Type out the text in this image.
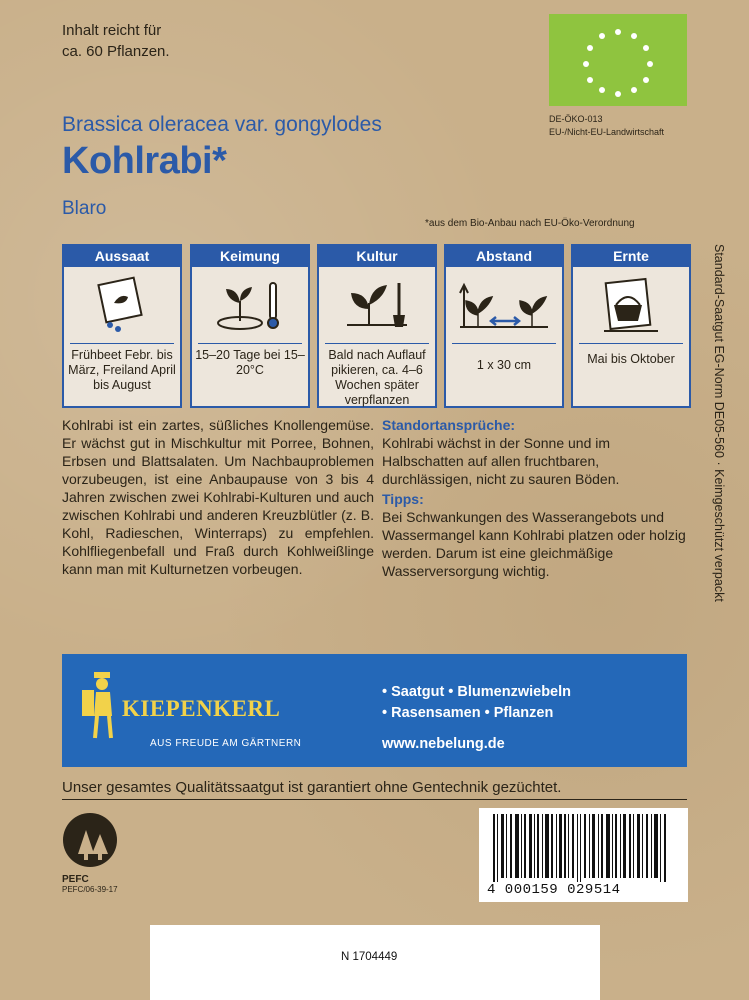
Inhalt reicht für
ca. 60 Pflanzen.
DE-ÖKO-013
EU-/Nicht-EU-Landwirtschaft
Brassica oleracea var. gongylodes
Kohlrabi*
Blaro
*aus dem Bio-Anbau nach EU-Öko-Verordnung
Aussaat
Frühbeet Febr. bis März, Freiland April bis August
Keimung
15–20 Tage bei 15–20°C
Kultur
Bald nach Auflauf pikieren, ca. 4–6 Wochen später verpflanzen
Abstand
1 x 30 cm
Ernte
Mai bis Oktober	Standard-Saatgut EG-Norm DE05-560 · Keimgeschützt verpackt
Kohlrabi ist ein zartes, süßliches Knollengemüse. Er wächst gut in Mischkultur mit Porree, Bohnen, Erbsen und Blattsalaten. Um Nachbauproblemen vorzubeugen, ist eine Anbaupause von 3 bis 4 Jahren zwischen zwei Kohlrabi-Kulturen und auch zwischen Kohlrabi und anderen Kreuzblütler (z. B. Kohl, Radieschen, Winterraps) zu empfehlen. Kohlfliegenbefall und Fraß durch Kohlweißlinge kann man mit Kulturnetzen vorbeugen.
Standortansprüche:
Kohlrabi wächst in der Sonne und im Halbschatten auf allen fruchtbaren, durchlässigen, nicht zu sauren Böden.
Tipps:
Bei Schwankungen des Wasserangebots und Wassermangel kann Kohlrabi platzen oder holzig werden. Darum ist eine gleichmäßige Wasserversorgung wichtig.
KIEPENKERL
AUS FREUDE AM GÄRTNERN
• Saatgut • Blumenzwiebeln
• Rasensamen • Pflanzen
www.nebelung.de
Unser gesamtes Qualitätssaatgut ist garantiert ohne Gentechnik gezüchtet.
PEFC
PEFC/06-39-17	4 000159 029514
N 1704449
